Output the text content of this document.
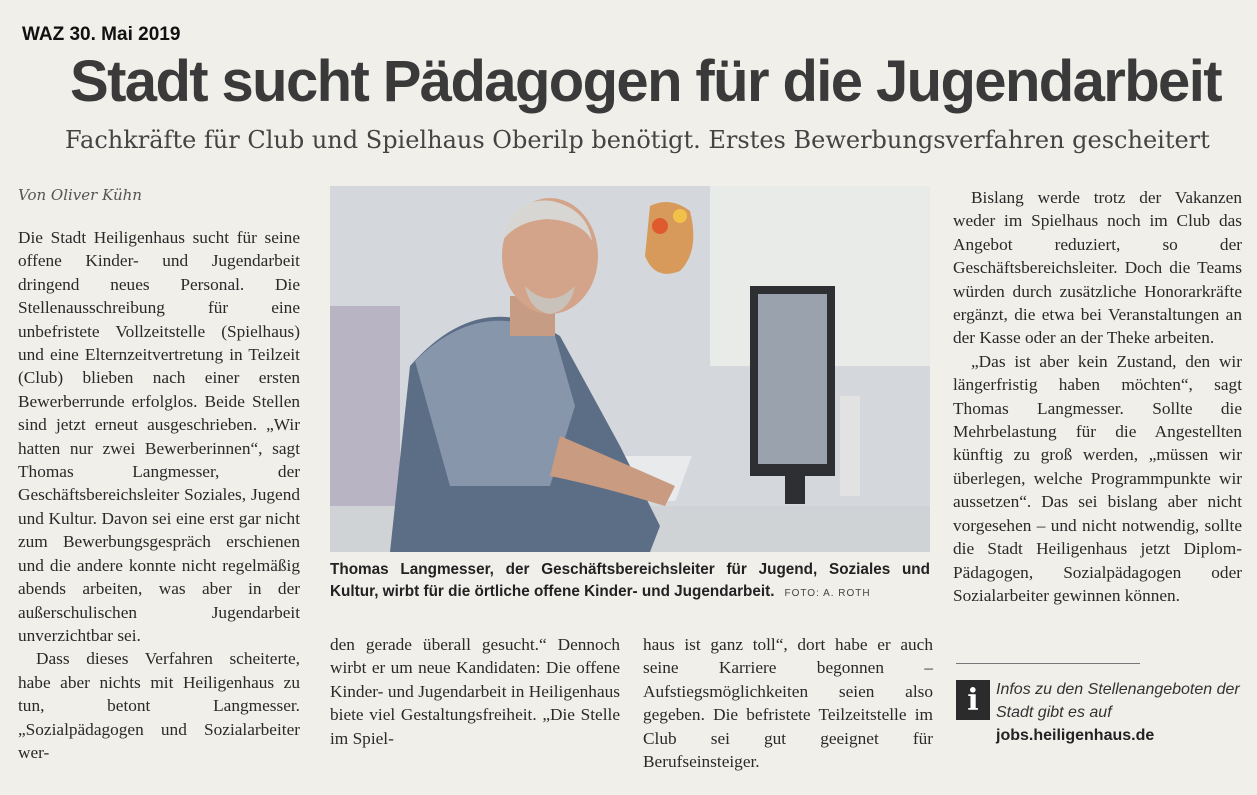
WAZ 30. Mai 2019
Stadt sucht Pädagogen für die Jugendarbeit
Fachkräfte für Club und Spielhaus Oberilp benötigt. Erstes Bewerbungsverfahren gescheitert
Von Oliver Kühn

Die Stadt Heiligenhaus sucht für seine offene Kinder- und Jugendarbeit dringend neues Personal. Die Stellenausschreibung für eine unbefristete Vollzeitstelle (Spielhaus) und eine Elternzeitvertretung in Teilzeit (Club) blieben nach einer ersten Bewerberrunde erfolglos. Beide Stellen sind jetzt erneut ausgeschrieben. „Wir hatten nur zwei Bewerberinnen“, sagt Thomas Langmesser, der Geschäftsbereichsleiter Soziales, Jugend und Kultur. Davon sei eine erst gar nicht zum Bewerbungsgespräch erschienen und die andere konnte nicht regelmäßig abends arbeiten, was aber in der außerschulischen Jugendarbeit unverzichtbar sei.

Dass dieses Verfahren scheiterte, habe aber nichts mit Heiligenhaus zu tun, betont Langmesser. „Sozialpädagogen und Sozialarbeiter wer-

Thomas Langmesser, der Geschäftsbereichsleiter für Jugend, Soziales und Kultur, wirbt für die örtliche offene Kinder- und Jugendarbeit. FOTO: A. ROTH

den gerade überall gesucht.“ Dennoch wirbt er um neue Kandidaten: Die offene Kinder- und Jugendarbeit in Heiligenhaus biete viel Gestaltungsfreiheit. „Die Stelle im Spiel-

haus ist ganz toll“, dort habe er auch seine Karriere begonnen – Aufstiegsmöglichkeiten seien also gegeben. Die befristete Teilzeitstelle im Club sei gut geeignet für Berufseinsteiger.

Bislang werde trotz der Vakanzen weder im Spielhaus noch im Club das Angebot reduziert, so der Geschäftsbereichsleiter. Doch die Teams würden durch zusätzliche Honorarkräfte ergänzt, die etwa bei Veranstaltungen an der Kasse oder an der Theke arbeiten.

„Das ist aber kein Zustand, den wir längerfristig haben möchten“, sagt Thomas Langmesser. Sollte die Mehrbelastung für die Angestellten künftig zu groß werden, „müssen wir überlegen, welche Programmpunkte wir aussetzen“. Das sei bislang aber nicht vorgesehen – und nicht notwendig, sollte die Stadt Heiligenhaus jetzt Diplom-Pädagogen, Sozialpädagogen oder Sozialarbeiter gewinnen können.

i	Infos zu den Stellenangeboten der Stadt gibt es auf jobs.heiligenhaus.de
